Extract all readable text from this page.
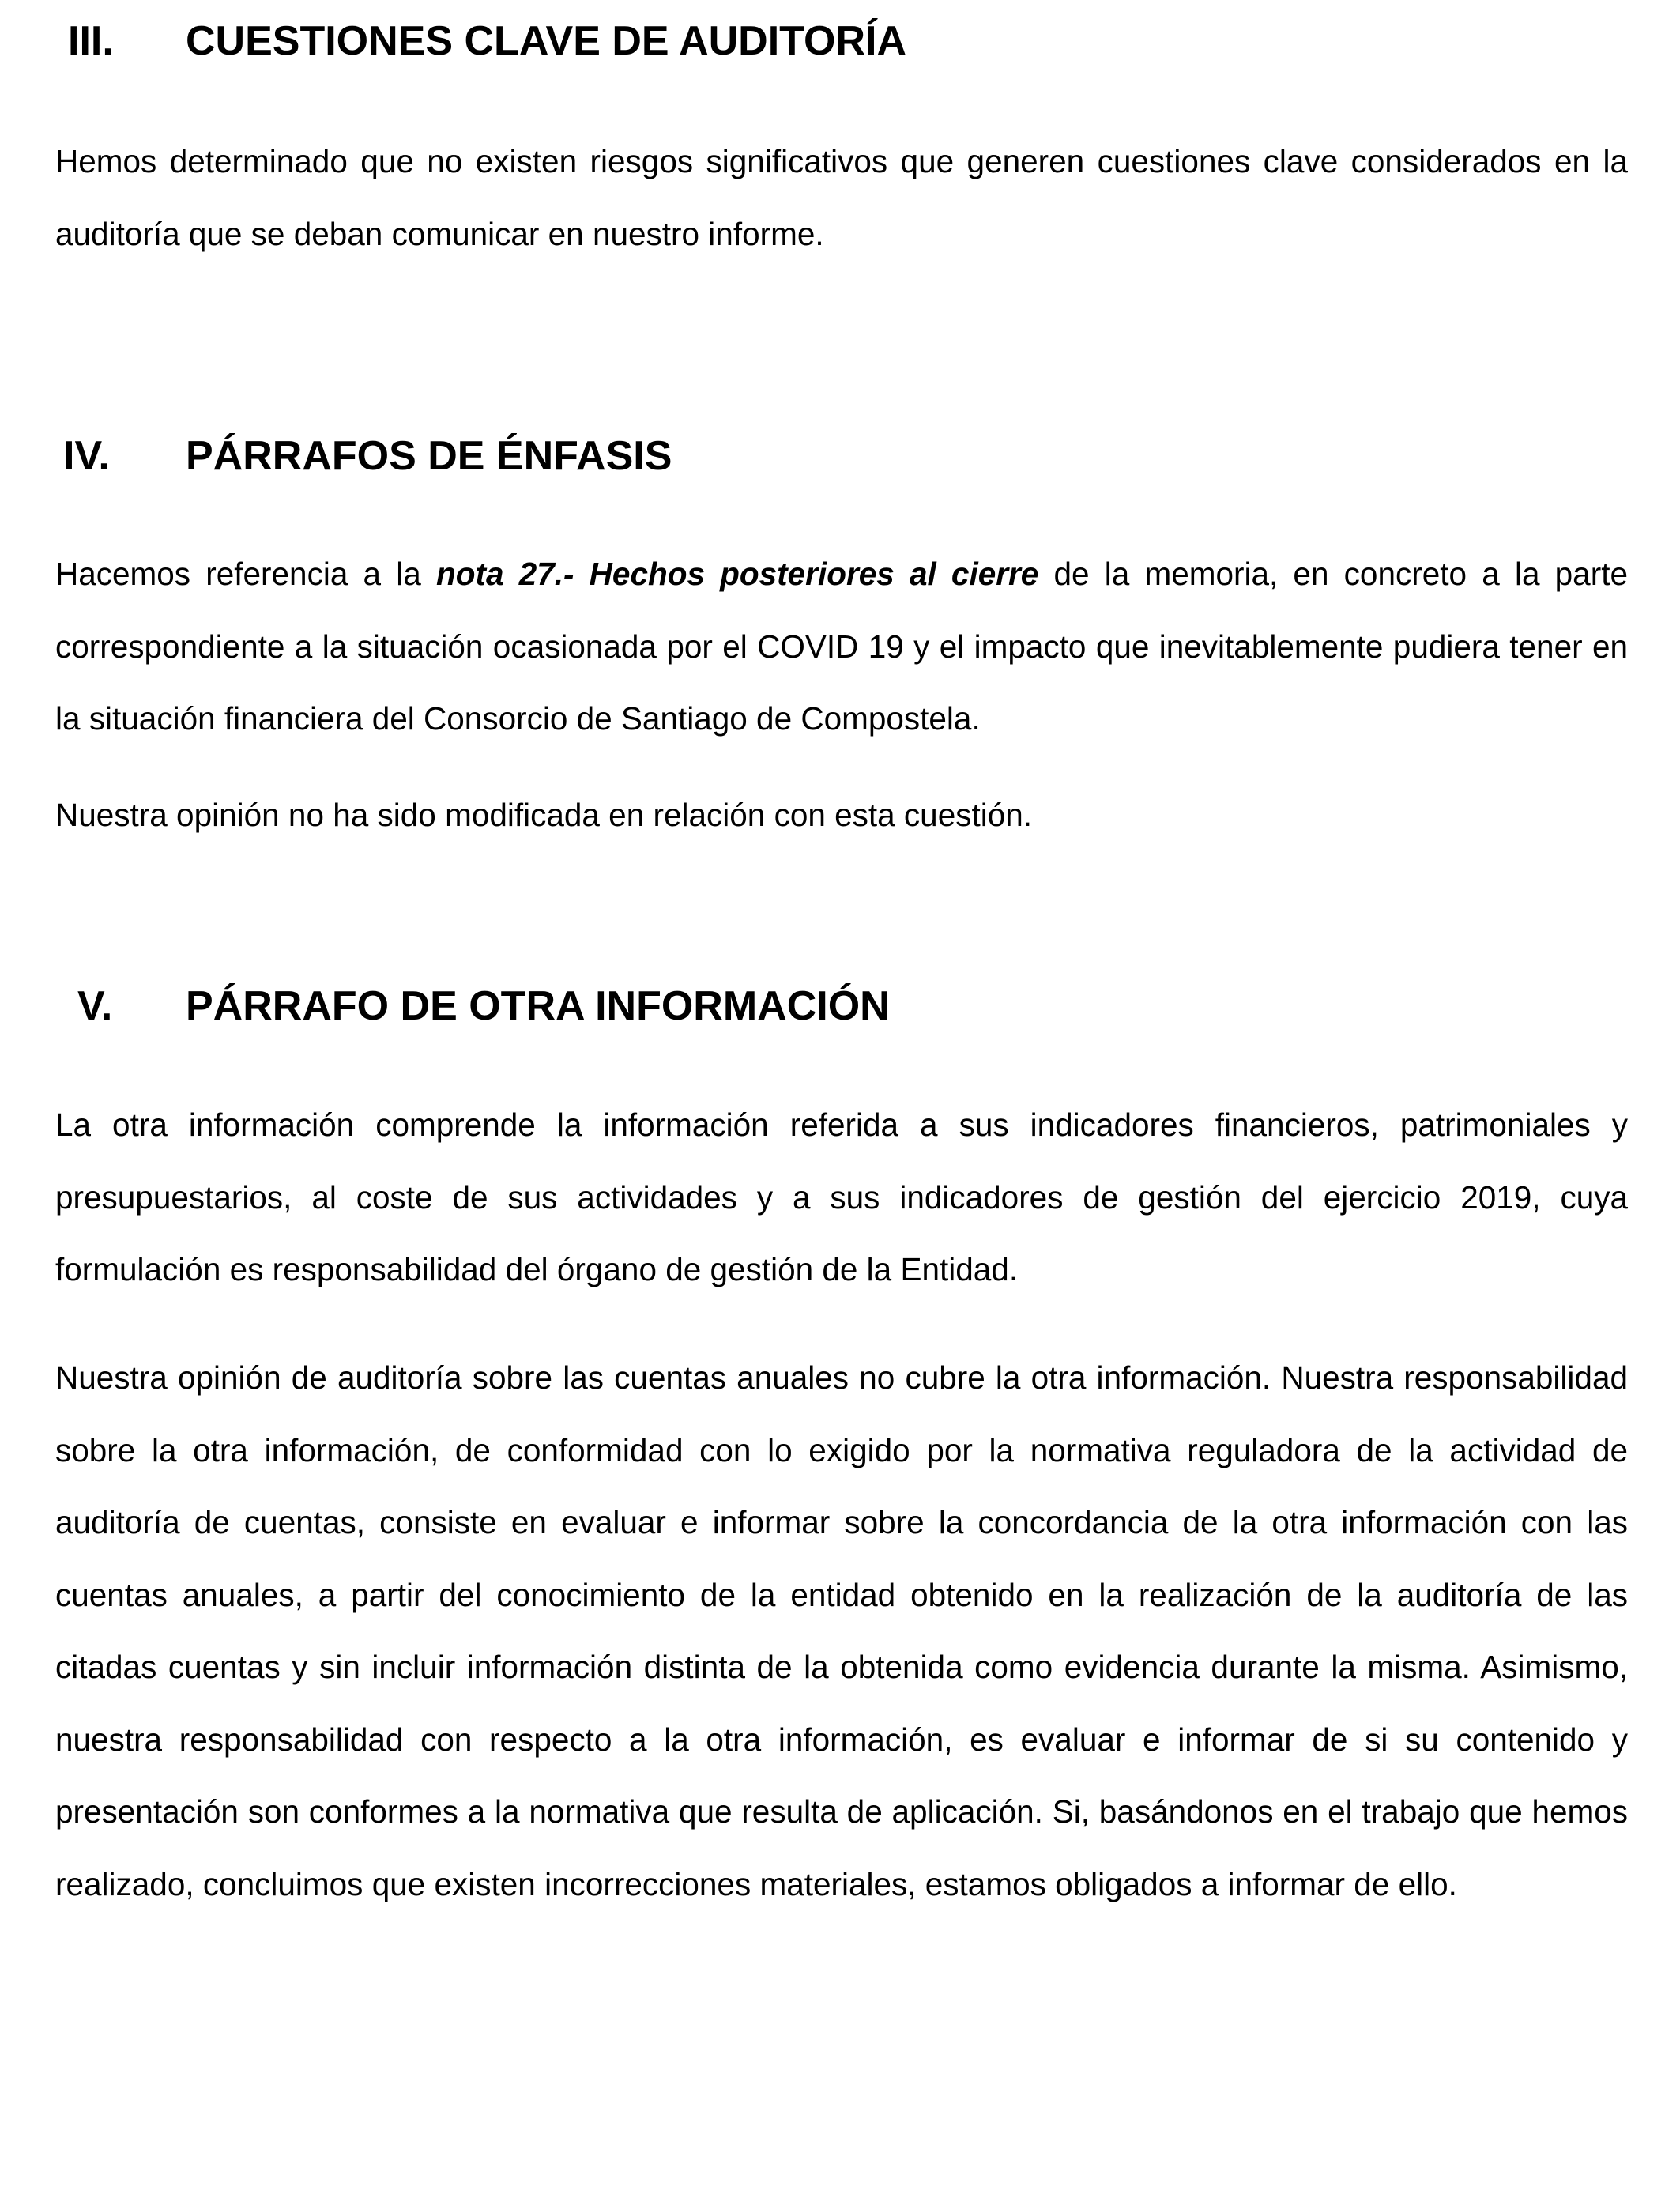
III.	CUESTIONES CLAVE DE AUDITORÍA
Hemos determinado que no existen riesgos significativos que generen cuestiones clave considerados en la auditoría que se deban comunicar en nuestro informe.
IV.	PÁRRAFOS DE ÉNFASIS
Hacemos referencia a la nota 27.- Hechos posteriores al cierre de la memoria, en concreto a la parte correspondiente a la situación ocasionada por el COVID 19 y el impacto que inevitablemente pudiera tener en la situación financiera del Consorcio de Santiago de Compostela.
Nuestra opinión no ha sido modificada en relación con esta cuestión.
V.	PÁRRAFO DE OTRA INFORMACIÓN
La otra información comprende la información referida a sus indicadores financieros, patrimoniales y presupuestarios, al coste de sus actividades y a sus indicadores de gestión del ejercicio 2019, cuya formulación es responsabilidad del órgano de gestión de la Entidad.
Nuestra opinión de auditoría sobre las cuentas anuales no cubre la otra información. Nuestra responsabilidad sobre la otra información, de conformidad con lo exigido por la normativa reguladora de la actividad de auditoría de cuentas, consiste en evaluar e informar sobre la concordancia de la otra información con las cuentas anuales, a partir del conocimiento de la entidad obtenido en la realización de la auditoría de las citadas cuentas y sin incluir información distinta de la obtenida como evidencia durante la misma. Asimismo, nuestra responsabilidad con respecto a la otra información, es evaluar e informar de si su contenido y presentación son conformes a la normativa que resulta de aplicación. Si, basándonos en el trabajo que hemos realizado, concluimos que existen incorrecciones materiales, estamos obligados a informar de ello.
